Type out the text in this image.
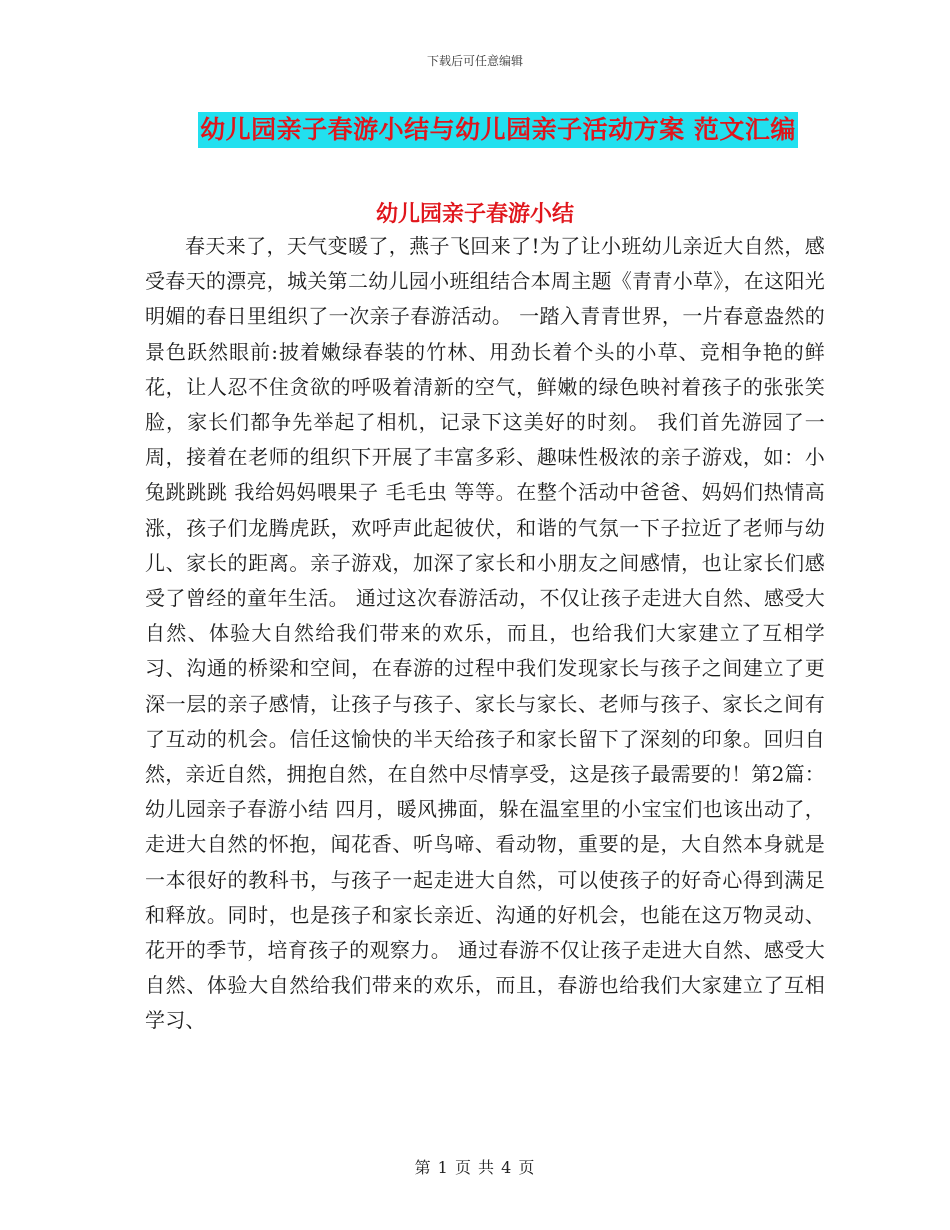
下载后可任意编辑
幼儿园亲子春游小结与幼儿园亲子活动方案 范文汇编
幼儿园亲子春游小结

春天来了，天气变暖了，燕子飞回来了!为了让小班幼儿亲近大自然，感受春天的漂亮，城关第二幼儿园小班组结合本周主题《青青小草》，在这阳光明媚的春日里组织了一次亲子春游活动。 一踏入青青世界，一片春意盎然的景色跃然眼前:披着嫩绿春装的竹林、用劲长着个头的小草、竞相争艳的鲜花，让人忍不住贪欲的呼吸着清新的空气，鲜嫩的绿色映衬着孩子的张张笑脸，家长们都争先举起了相机，记录下这美好的时刻。 我们首先游园了一周，接着在老师的组织下开展了丰富多彩、趣味性极浓的亲子游戏，如：小兔跳跳跳 我给妈妈喂果子 毛毛虫 等等。在整个活动中爸爸、妈妈们热情高涨，孩子们龙腾虎跃，欢呼声此起彼伏，和谐的气氛一下子拉近了老师与幼儿、家长的距离。亲子游戏，加深了家长和小朋友之间感情，也让家长们感受了曾经的童年生活。 通过这次春游活动，不仅让孩子走进大自然、感受大自然、体验大自然给我们带来的欢乐，而且，也给我们大家建立了互相学习、沟通的桥梁和空间，在春游的过程中我们发现家长与孩子之间建立了更深一层的亲子感情，让孩子与孩子、家长与家长、老师与孩子、家长之间有了互动的机会。信任这愉快的半天给孩子和家长留下了深刻的印象。回归自然，亲近自然，拥抱自然，在自然中尽情享受，这是孩子最需要的！第2篇：幼儿园亲子春游小结 四月，暖风拂面，躲在温室里的小宝宝们也该出动了，走进大自然的怀抱，闻花香、听鸟啼、看动物，重要的是，大自然本身就是一本很好的教科书，与孩子一起走进大自然，可以使孩子的好奇心得到满足和释放。同时，也是孩子和家长亲近、沟通的好机会，也能在这万物灵动、花开的季节，培育孩子的观察力。 通过春游不仅让孩子走进大自然、感受大自然、体验大自然给我们带来的欢乐，而且，春游也给我们大家建立了互相学习、

第 1 页 共 4 页
